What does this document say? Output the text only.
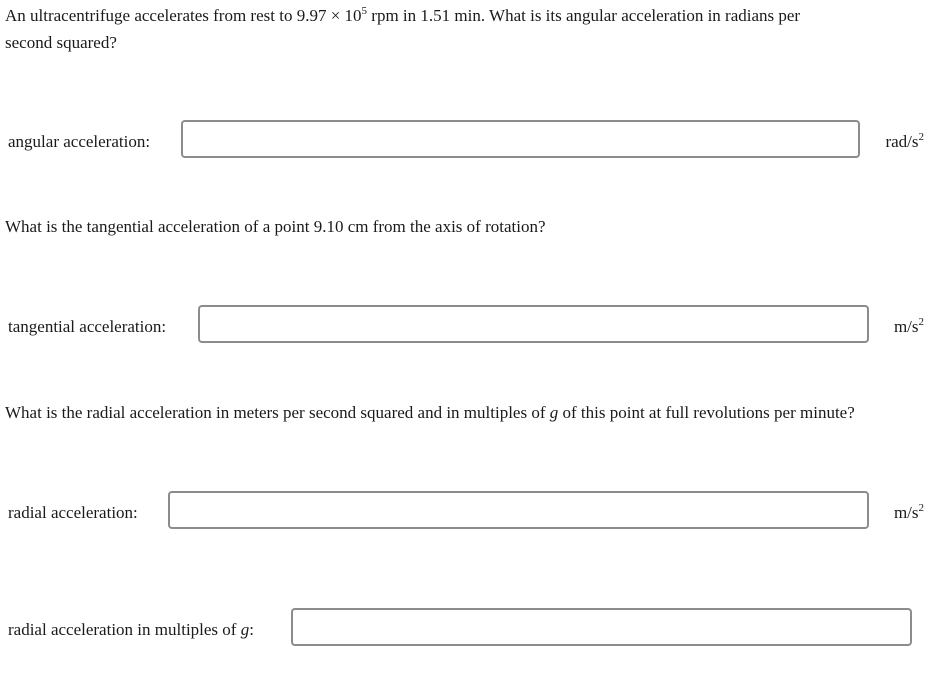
An ultracentrifuge accelerates from rest to $9.97 \times 10^5$ rpm in 1.51 min. What is its angular acceleration in radians per
second squared?
angular acceleration:	rad/$s^2$
What is the tangential acceleration of a point 9.10 cm from the axis of rotation?
tangential acceleration:	$m/s^2$
What is the radial acceleration in meters per second squared and in multiples of g of this point at full revolutions per minute?
radial acceleration:	$m/s^2$
radial acceleration in multiples of g:
